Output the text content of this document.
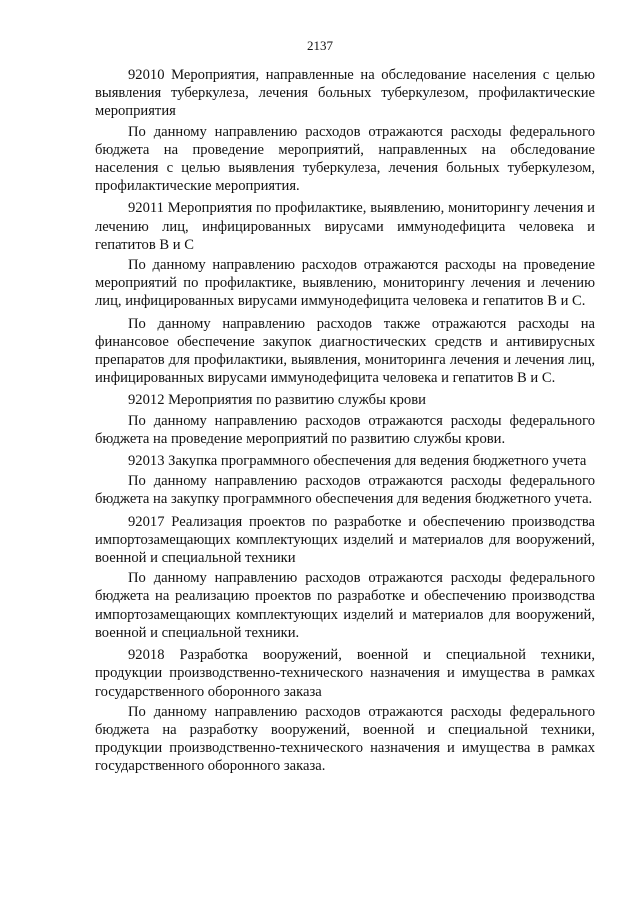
2137

92010 Мероприятия, направленные на обследование населения с целью выявления туберкулеза, лечения больных туберкулезом, профилактические мероприятия

По данному направлению расходов отражаются расходы федерального бюджета на проведение мероприятий, направленных на обследование населения с целью выявления туберкулеза, лечения больных туберкулезом, профилактические мероприятия.

92011 Мероприятия по профилактике, выявлению, мониторингу лечения и лечению лиц, инфицированных вирусами иммунодефицита человека и гепатитов В и С

По данному направлению расходов отражаются расходы на проведение мероприятий по профилактике, выявлению, мониторингу лечения и лечению лиц, инфицированных вирусами иммунодефицита человека и гепатитов В и С.

По данному направлению расходов также отражаются расходы на финансовое обеспечение закупок диагностических средств и антивирусных препаратов для профилактики, выявления, мониторинга лечения и лечения лиц, инфицированных вирусами иммунодефицита человека и гепатитов В и С.

92012 Мероприятия по развитию службы крови

По данному направлению расходов отражаются расходы федерального бюджета на проведение мероприятий по развитию службы крови.

92013 Закупка программного обеспечения для ведения бюджетного учета

По данному направлению расходов отражаются расходы федерального бюджета на закупку программного обеспечения для ведения бюджетного учета.

92017 Реализация проектов по разработке и обеспечению производства импортозамещающих комплектующих изделий и материалов для вооружений, военной и специальной техники

По данному направлению расходов отражаются расходы федерального бюджета на реализацию проектов по разработке и обеспечению производства импортозамещающих комплектующих изделий и материалов для вооружений, военной и специальной техники.

92018 Разработка вооружений, военной и специальной техники, продукции производственно-технического назначения и имущества в рамках государственного оборонного заказа

По данному направлению расходов отражаются расходы федерального бюджета на разработку вооружений, военной и специальной техники, продукции производственно-технического назначения и имущества в рамках государственного оборонного заказа.
